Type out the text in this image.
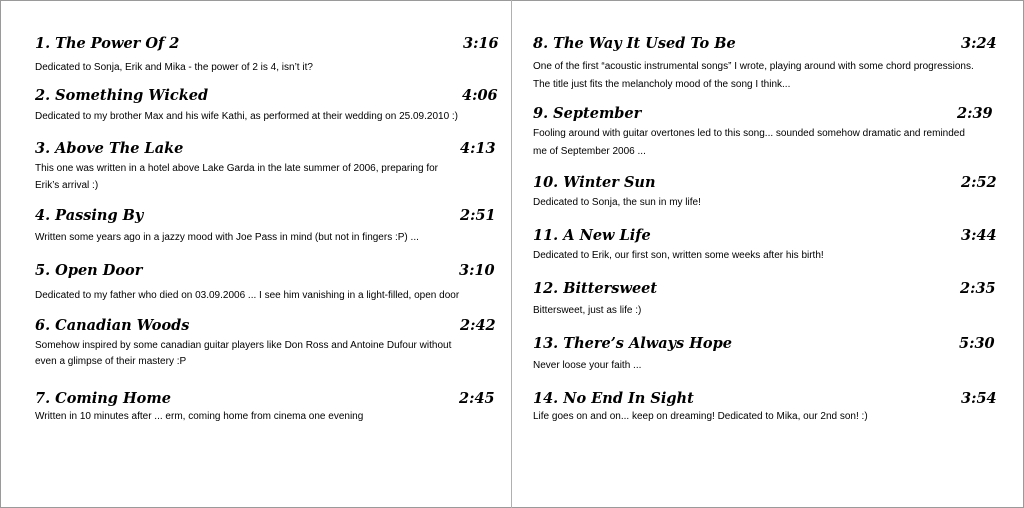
1. The Power Of 2	3:16
Dedicated to Sonja, Erik and Mika - the power of 2 is 4, isn’t it?
2. Something Wicked	4:06
Dedicated to my brother Max and his wife Kathi, as performed at their wedding on 25.09.2010 :)
3. Above The Lake	4:13
This one was written in a hotel above Lake Garda in the late summer of 2006, preparing for
Erik’s arrival :)
4. Passing By	2:51
Written some years ago in a jazzy mood with Joe Pass in mind (but not in fingers :P) ...
5. Open Door	3:10
Dedicated to my father who died on 03.09.2006 ... I see him vanishing in a light-filled, open door
6. Canadian Woods	2:42
Somehow inspired by some canadian guitar players like Don Ross and Antoine Dufour without
even a glimpse of their mastery :P
7. Coming Home	2:45
Written in 10 minutes after ... erm, coming home from cinema one evening
8. The Way It Used To Be	3:24
One of the first “acoustic instrumental songs” I wrote, playing around with some chord progressions.
The title just fits the melancholy mood of the song I think...
9. September	2:39
Fooling around with guitar overtones led to this song... sounded somehow dramatic and reminded
me of September 2006 ...
10. Winter Sun	2:52
Dedicated to Sonja, the sun in my life!
11. A New Life	3:44
Dedicated to Erik, our first son, written some weeks after his birth!
12. Bittersweet	2:35
Bittersweet, just as life :)
13. There’s Always Hope	5:30
Never loose your faith ...
14. No End In Sight	3:54
Life goes on and on... keep on dreaming! Dedicated to Mika, our 2nd son! :)
